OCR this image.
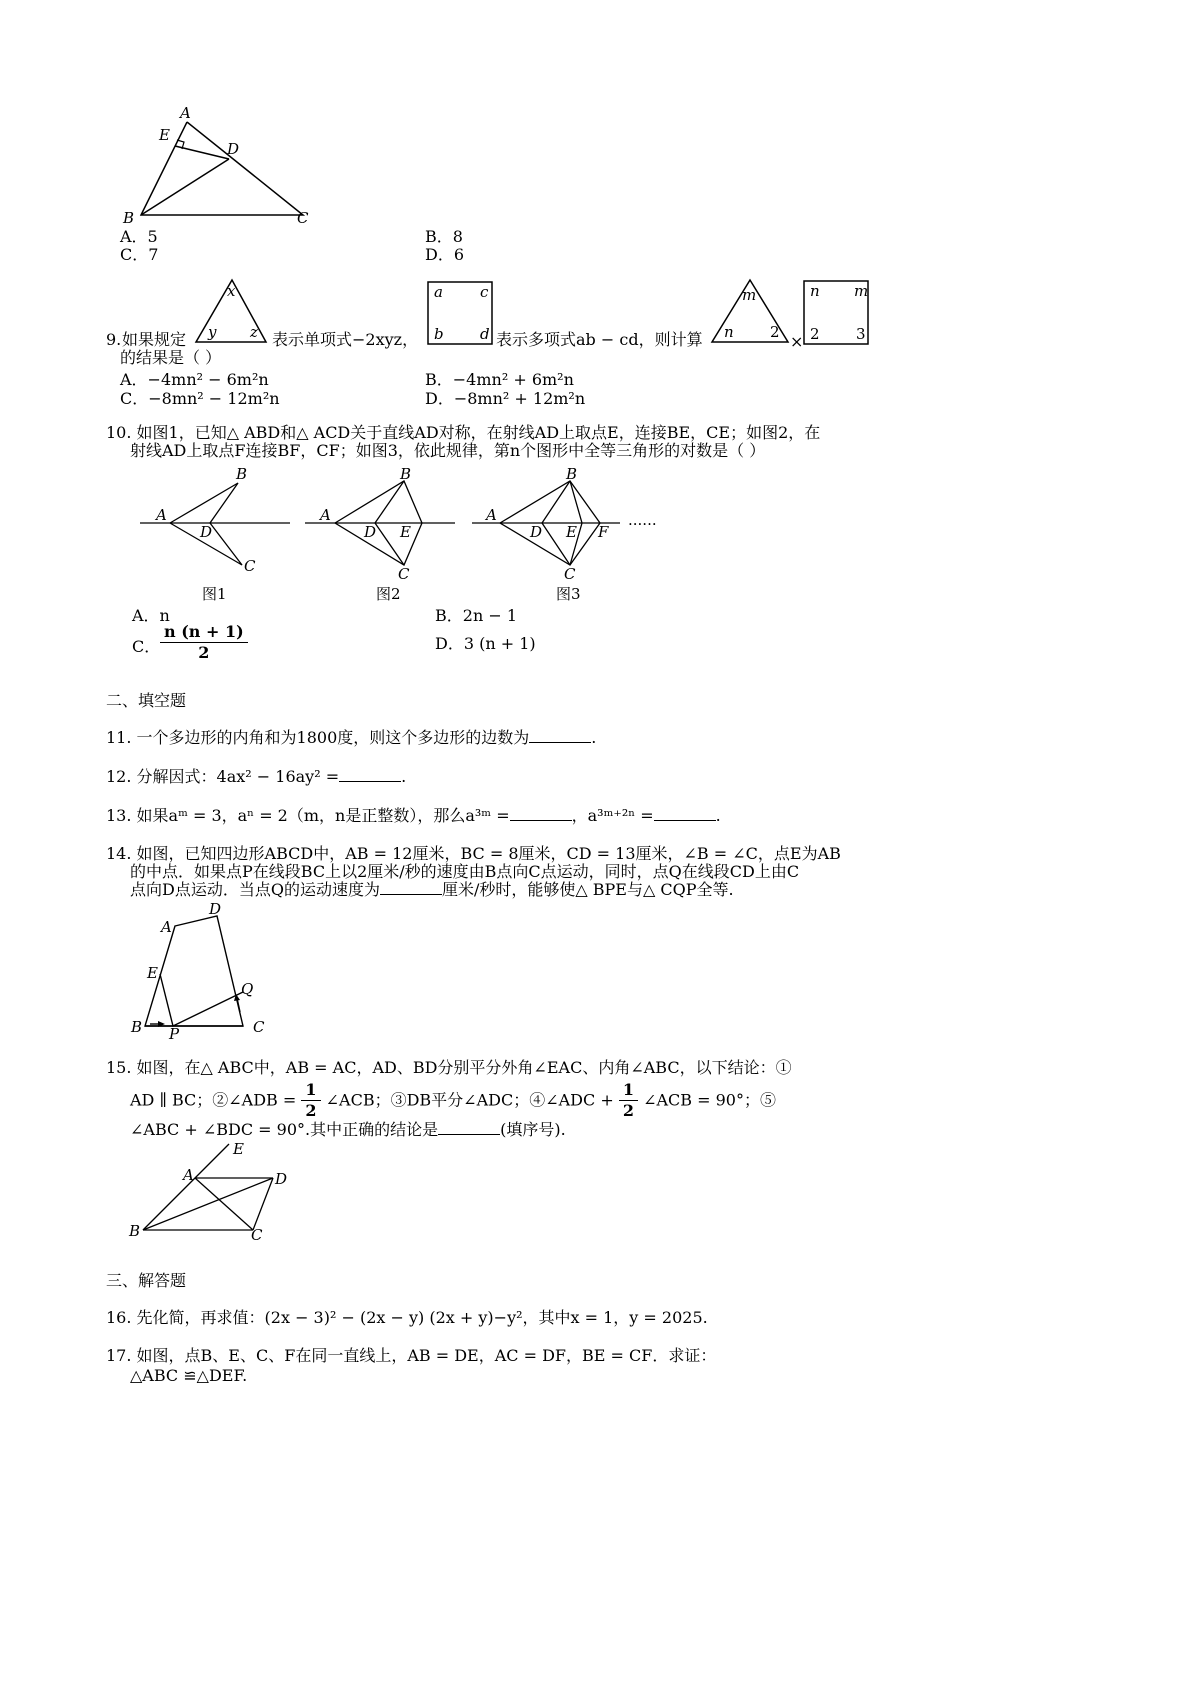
A
E
D
B	C
A．5	B．8
C．7	D．6
9. 如果规定
x
y z 表示单项式−2xyz，
a c
b d 表示多项式ab − cd，则计算
m
n 2 ×
n m
2 3
的结果是（ ）
A．−4mn² − 6m²n	B．−4mn² + 6m²n
C．−8mn² − 12m²n	D．−8mn² + 12m²n
10. 如图1，已知△ ABD和△ ACD关于直线AD对称，在射线AD上取点E，连接BE，CE；如图2，在
射线AD上取点F连接BF，CF；如图3，依此规律，第n个图形中全等三角形的对数是（ ）
A
B
D
C
图1
A
B
D E
C
图2
A
B
D E F
C
......
图3
A．n	B．2n − 1
C． $\frac{n (n + 1)}{2}$	D．3 (n + 1)
二、填空题
11. 一个多边形的内角和为1800度，则这个多边形的边数为	.
12. 分解因式：4ax² − 16ay² =	.
13. 如果aᵐ = 3，aⁿ = 2（m，n是正整数），那么a³ᵐ =	，a³ᵐ⁺²ⁿ =	.
14. 如图，已知四边形ABCD中，AB = 12厘米，BC = 8厘米，CD = 13厘米，∠B = ∠C，点E为AB
的中点．如果点P在线段BC上以2厘米/秒的速度由B点向C点运动，同时，点Q在线段CD上由C
点向D点运动．当点Q的运动速度为	厘米/秒时，能够使△ BPE与△ CQP全等.
A
D
E
Q
B P	C
15. 如图，在△ ABC中，AB = AC，AD、BD分别平分外角∠EAC、内角∠ABC，以下结论：①
AD ∥ BC；②∠ADB = $\frac{1}{2}$ ∠ACB；③DB平分∠ADC；④∠ADC + $\frac{1}{2}$ ∠ACB = 90°；⑤
∠ABC + ∠BDC = 90°.其中正确的结论是	(填序号).
E
A	D
B	C
三、解答题
16. 先化简，再求值：(2x − 3)² − (2x − y) (2x + y)−y²，其中x = 1，y = 2025.
17. 如图，点B、E、C、F在同一直线上，AB = DE，AC = DF，BE = CF．求证：
△ABC ≌△DEF.
